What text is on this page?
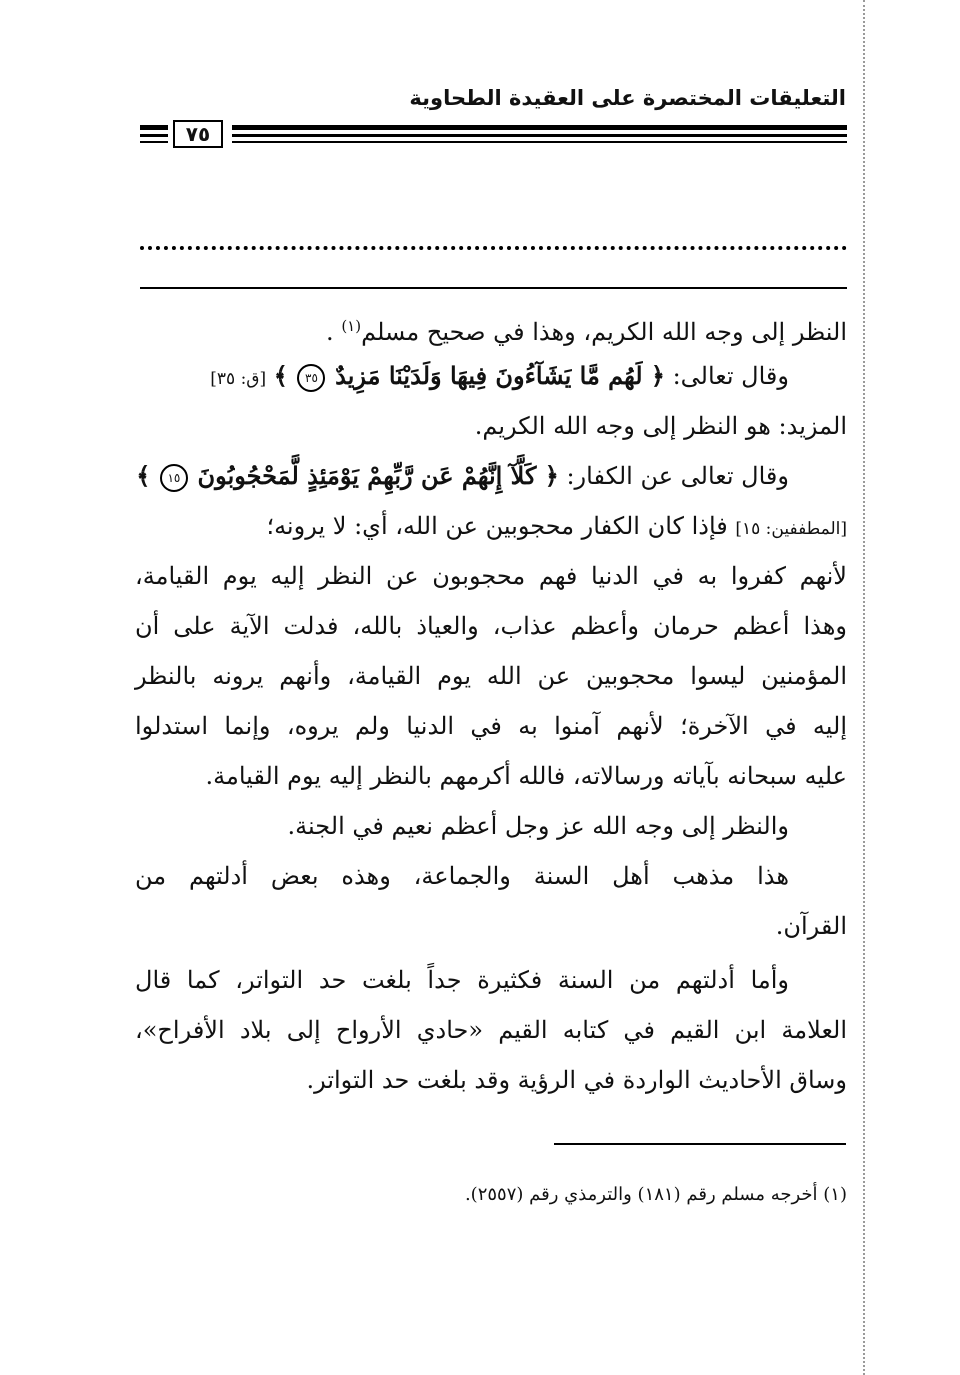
التعليقات المختصرة على العقيدة الطحاوية
٧٥
النظر إلى وجه الله الكريم، وهذا في صحيح مسلم$^{(١)}$ .
وقال تعالى: ﴿ لَهُم مَّا يَشَآءُونَ فِيهَا وَلَدَيْنَا مَزِيدٌ ٣٥ ﴾ [ق: ٣٥]
المزيد: هو النظر إلى وجه الله الكريم.
وقال تعالى عن الكفار: ﴿ كَلَّآ إِنَّهُمْ عَن رَّبِّهِمْ يَوْمَئِذٍ لَّمَحْجُوبُونَ ١٥ ﴾
[المطففين: ١٥] فإذا كان الكفار محجوبين عن الله، أي: لا يرونه؛
لأنهم كفروا به في الدنيا فهم محجوبون عن النظر إليه يوم القيامة،
وهذا أعظم حرمان وأعظم عذاب، والعياذ بالله، فدلت الآية على أن
المؤمنين ليسوا محجوبين عن الله يوم القيامة، وأنهم يرونه بالنظر
إليه في الآخرة؛ لأنهم آمنوا به في الدنيا ولم يروه، وإنما استدلوا
عليه سبحانه بآياته ورسالاته، فالله أكرمهم بالنظر إليه يوم القيامة.
والنظر إلى وجه الله عز وجل أعظم نعيم في الجنة.
هذا مذهب أهل السنة والجماعة، وهذه بعض أدلتهم من
القرآن.
وأما أدلتهم من السنة فكثيرة جداً بلغت حد التواتر، كما قال
العلامة ابن القيم في كتابه القيم «حادي الأرواح إلى بلاد الأفراح»،
وساق الأحاديث الواردة في الرؤية وقد بلغت حد التواتر.
(١) أخرجه مسلم رقم (١٨١) والترمذي رقم (٢٥٥٧).
